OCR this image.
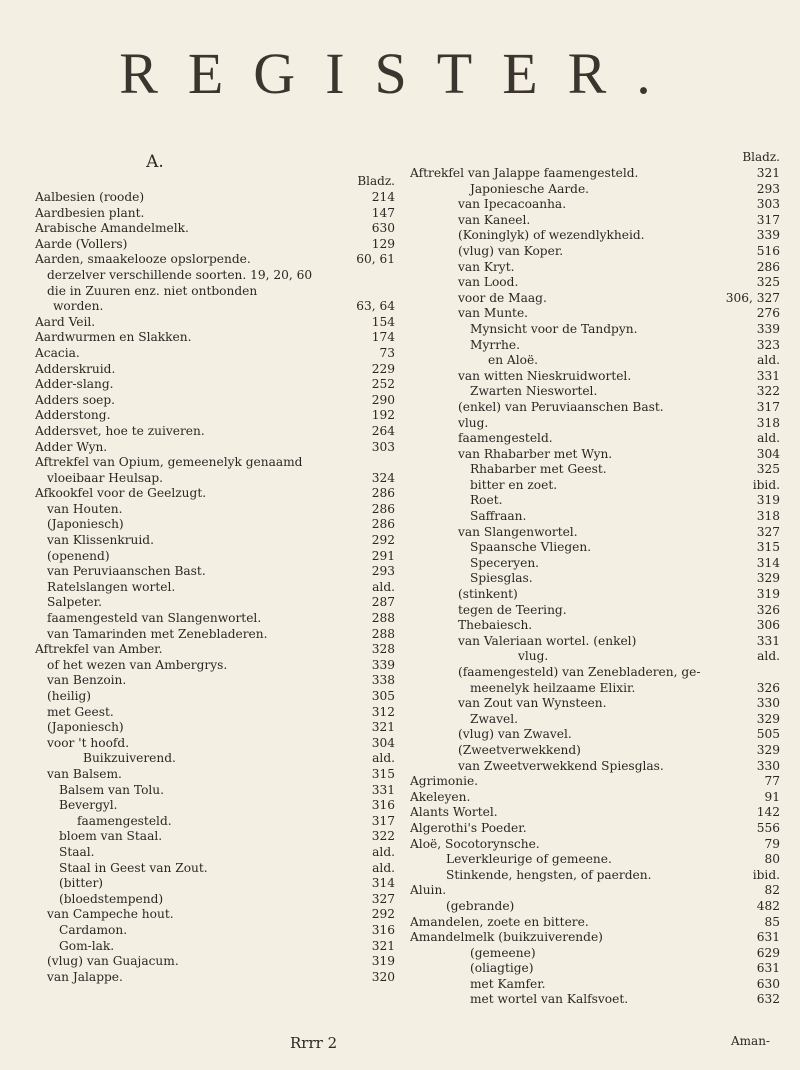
REGISTER.
A.
Bladz.
Aalbesien (roode)	214
Aardbesien plant.	147
Arabische Amandelmelk.	630
Aarde (Vollers)	129
Aarden, smaakelooze opslorpende.	60, 61
derzelver verschillende soorten. 19, 20, 60
die in Zuuren enz. niet ontbonden
worden.	63, 64
Aard Veil.	154
Aardwurmen en Slakken.	174
Acacia.	73
Adderskruid.	229
Adder-slang.	252
Adders soep.	290
Adderstong.	192
Addersvet, hoe te zuiveren.	264
Adder Wyn.	303
Aftrekfel van Opium, gemeenelyk genaamd
vloeibaar Heulsap.	324
Afkookfel voor de Geelzugt.	286
van Houten.	286
(Japoniesch)	286
van Klissenkruid.	292
(openend)	291
van Peruviaanschen Bast.	293
Ratelslangen wortel.	ald.
Salpeter.	287
faamengesteld van Slangenwortel.	288
van Tamarinden met Zenebladeren.	288
Aftrekfel van Amber.	328
of het wezen van Ambergrys.	339
van Benzoin.	338
(heilig)	305
met Geest.	312
(Japoniesch)	321
voor 't hoofd.	304
Buikzuiverend.	ald.
van Balsem.	315
Balsem van Tolu.	331
Bevergyl.	316
faamengesteld.	317
bloem van Staal.	322
Staal.	ald.
Staal in Geest van Zout.	ald.
(bitter)	314
(bloedstempend)	327
van Campeche hout.	292
Cardamon.	316
Gom-lak.	321
(vlug) van Guajacum.	319
van Jalappe.	320
Bladz.
Aftrekfel van Jalappe faamengesteld.	321
Japoniesche Aarde.	293
van Ipecacoanha.	303
van Kaneel.	317
(Koninglyk) of wezendlykheid.	339
(vlug) van Koper.	516
van Kryt.	286
van Lood.	325
voor de Maag.	306, 327
van Munte.	276
Mynsicht voor de Tandpyn.	339
Myrrhe.	323
en Aloë.	ald.
van witten Nieskruidwortel.	331
Zwarten Nieswortel.	322
(enkel) van Peruviaanschen Bast.	317
vlug.	318
faamengesteld.	ald.
van Rhabarber met Wyn.	304
Rhabarber met Geest.	325
bitter en zoet.	ibid.
Roet.	319
Saffraan.	318
van Slangenwortel.	327
Spaansche Vliegen.	315
Speceryen.	314
Spiesglas.	329
(stinkent)	319
tegen de Teering.	326
Thebaiesch.	306
van Valeriaan wortel. (enkel)	331
vlug.	ald.
(faamengesteld) van Zenebladeren, ge-
meenelyk heilzaame Elixir.	326
van Zout van Wynsteen.	330
Zwavel.	329
(vlug) van Zwavel.	505
(Zweetverwekkend)	329
van Zweetverwekkend Spiesglas.	330
Agrimonie.	77
Akeleyen.	91
Alants Wortel.	142
Algerothi's Poeder.	556
Aloë, Socotorynsche.	79
Leverkleurige of gemeene.	80
Stinkende, hengsten, of paerden.	ibid.
Aluin.	82
(gebrande)	482
Amandelen, zoete en bittere.	85
Amandelmelk (buikzuiverende)	631
(gemeene)	629
(oliagtige)	631
met Kamfer.	630
met wortel van Kalfsvoet.	632
Rrrr 2	Aman-
